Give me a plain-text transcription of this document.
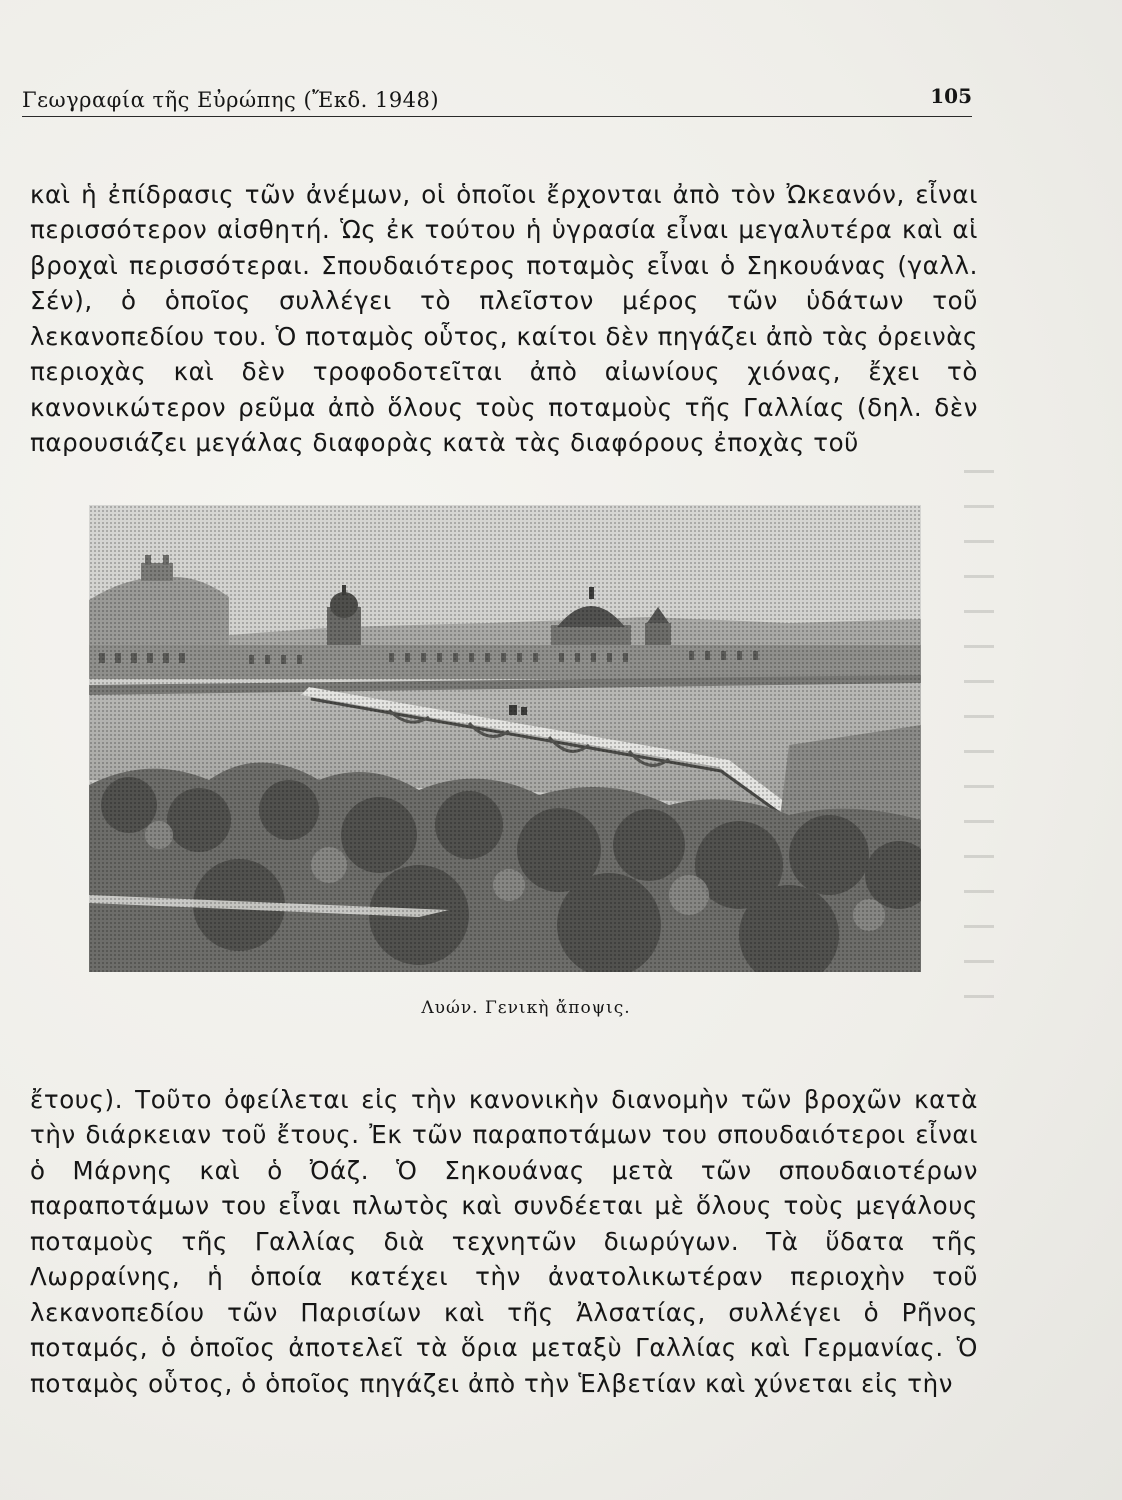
Γεωγραφία τῆς Εὐρώπης (Ἔκδ. 1948)	105

καὶ ἡ ἐπίδρασις τῶν ἀνέμων, οἱ ὁποῖοι ἔρχονται ἀπὸ τὸν Ὠκεανόν, εἶναι περισσότερον αἰσθητή. Ὡς ἐκ τούτου ἡ ὑγρασία εἶναι μεγαλυτέρα καὶ αἱ βροχαὶ περισσότεραι. Σπουδαιότερος ποταμὸς εἶναι ὁ Σηκουάνας (γαλλ. Σέν), ὁ ὁποῖος συλλέγει τὸ πλεῖστον μέρος τῶν ὑδάτων τοῦ λεκανοπεδίου του. Ὁ ποταμὸς οὗτος, καίτοι δὲν πηγάζει ἀπὸ τὰς ὀρεινὰς περιοχὰς καὶ δὲν τροφοδοτεῖται ἀπὸ αἰωνίους χιόνας, ἔχει τὸ κανονικώτερον ρεῦμα ἀπὸ ὅλους τοὺς ποταμοὺς τῆς Γαλλίας (δηλ. δὲν παρουσιάζει μεγάλας διαφορὰς κατὰ τὰς διαφόρους ἐποχὰς τοῦ

Λυών. Γενικὴ ἄποψις.

ἔτους). Τοῦτο ὀφείλεται εἰς τὴν κανονικὴν διανομὴν τῶν βροχῶν κατὰ τὴν διάρκειαν τοῦ ἔτους. Ἐκ τῶν παραποτάμων του σπουδαιότεροι εἶναι ὁ Μάρνης καὶ ὁ Ὀάζ. Ὁ Σηκουάνας μετὰ τῶν σπουδαιοτέρων παραποτάμων του εἶναι πλωτὸς καὶ συνδέεται μὲ ὅλους τοὺς μεγάλους ποταμοὺς τῆς Γαλλίας διὰ τεχνητῶν διωρύγων. Τὰ ὕδατα τῆς Λωρραίνης, ἡ ὁποία κατέχει τὴν ἀνατολικωτέραν περιοχὴν τοῦ λεκανοπεδίου τῶν Παρισίων καὶ τῆς Ἀλσατίας, συλλέγει ὁ Ρῆνος ποταμός, ὁ ὁποῖος ἀποτελεῖ τὰ ὅρια μεταξὺ Γαλλίας καὶ Γερμανίας. Ὁ ποταμὸς οὗτος, ὁ ὁποῖος πηγάζει ἀπὸ τὴν Ἑλβετίαν καὶ χύνεται εἰς τὴν
